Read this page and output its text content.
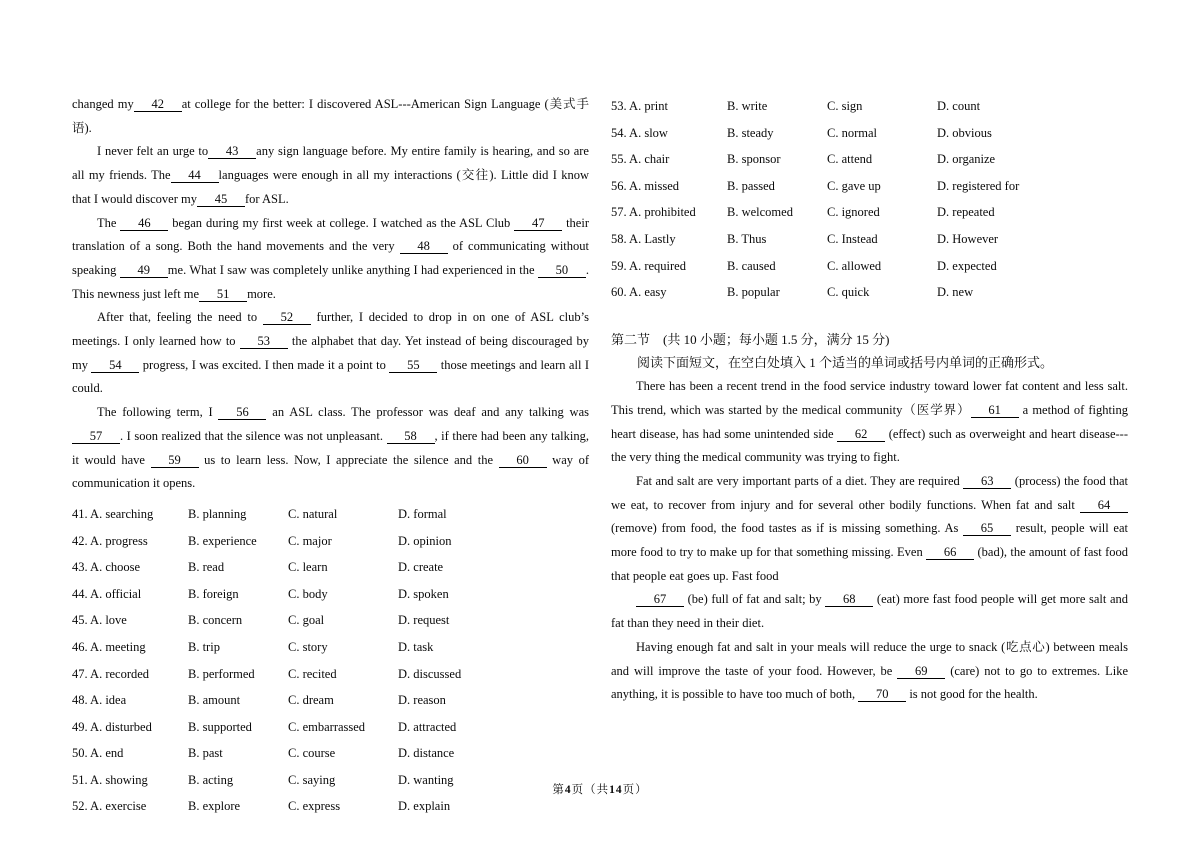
changed my 42 at college for the better: I discovered ASL---American Sign Language (美式手语).

I never felt an urge to 43 any sign language before. My entire family is hearing, and so are all my friends. The 44 languages were enough in all my interactions (交往). Little did I know that I would discover my 45 for ASL.

The 46 began during my first week at college. I watched as the ASL Club 47 their translation of a song. Both the hand movements and the very 48 of communicating without speaking 49 me. What I saw was completely unlike anything I had experienced in the 50 . This newness just left me 51 more.

After that, feeling the need to 52 further, I decided to drop in on one of ASL club’s meetings. I only learned how to 53 the alphabet that day. Yet instead of being discouraged by my 54 progress, I was excited. I then made it a point to 55 those meetings and learn all I could.

The following term, I 56 an ASL class. The professor was deaf and any talking was 57 . I soon realized that the silence was not unpleasant. 58 , if there had been any talking, it would have 59 us to learn less. Now, I appreciate the silence and the 60 way of communication it opens.

41. A. searching	B. planning	C. natural	D. formal
42. A. progress	B. experience	C. major	D. opinion
43. A. choose	B. read	C. learn	D. create
44. A. official	B. foreign	C. body	D. spoken
45. A. love	B. concern	C. goal	D. request
46. A. meeting	B. trip	C. story	D. task
47. A. recorded	B. performed	C. recited	D. discussed
48. A. idea	B. amount	C. dream	D. reason
49. A. disturbed	B. supported	C. embarrassed	D. attracted
50. A. end	B. past	C. course	D. distance
51. A. showing	B. acting	C. saying	D. wanting
52. A. exercise	B. explore	C. express	D. explain
53. A. print	B. write	C. sign	D. count
54. A. slow	B. steady	C. normal	D. obvious
55. A. chair	B. sponsor	C. attend	D. organize
56. A. missed	B. passed	C. gave up	D. registered for
57. A. prohibited	B. welcomed	C. ignored	D. repeated
58. A. Lastly	B. Thus	C. Instead	D. However
59. A. required	B. caused	C. allowed	D. expected
60. A. easy	B. popular	C. quick	D. new

第二节　(共 10 小题；每小题 1.5 分，满分 15 分)

阅读下面短文，在空白处填入 1 个适当的单词或括号内单词的正确形式。

There has been a recent trend in the food service industry toward lower fat content and less salt. This trend, which was started by the medical community（医学界） 61 a method of fighting heart disease, has had some unintended side 62 (effect) such as overweight and heart disease---the very thing the medical community was trying to fight.

Fat and salt are very important parts of a diet. They are required 63 (process) the food that we eat, to recover from injury and for several other bodily functions. When fat and salt 64 (remove) from food, the food tastes as if is missing something. As 65 result, people will eat more food to try to make up for that something missing. Even 66 (bad), the amount of fast food that people eat goes up. Fast food

67 (be) full of fat and salt; by 68 (eat) more fast food people will get more salt and fat than they need in their diet.

Having enough fat and salt in your meals will reduce the urge to snack (吃点心) between meals and will improve the taste of your food. However, be 69 (care) not to go to extremes. Like anything, it is possible to have too much of both, 70 is not good for the health.

第4页（共14页）
